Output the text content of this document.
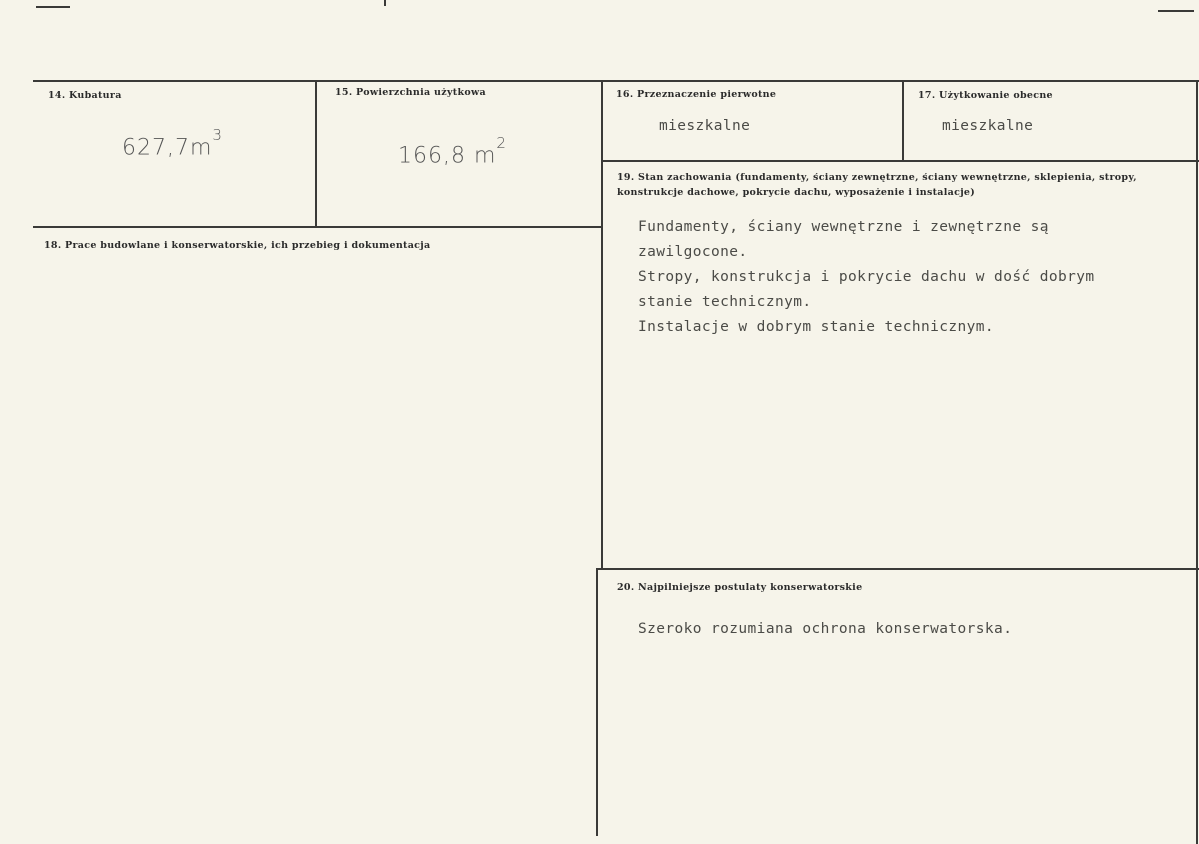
14. Kubatura
$627,7m^3$
15. Powierzchnia użytkowa
166,8 $m^2$
16. Przeznaczenie pierwotne
mieszkalne
17. Użytkowanie obecne
mieszkalne
18. Prace budowlane i konserwatorskie, ich przebieg i dokumentacja
19. Stan zachowania (fundamenty, ściany zewnętrzne, ściany wewnętrzne, sklepienia, stropy, konstrukcje dachowe, pokrycie dachu, wyposażenie i instalacje)
Fundamenty, ściany wewnętrzne i zewnętrzne są
zawilgocone.
Stropy, konstrukcja i pokrycie dachu w dość dobrym
stanie technicznym.
Instalacje w dobrym stanie technicznym.
20. Najpilniejsze postulaty konserwatorskie
Szeroko rozumiana ochrona konserwatorska.
